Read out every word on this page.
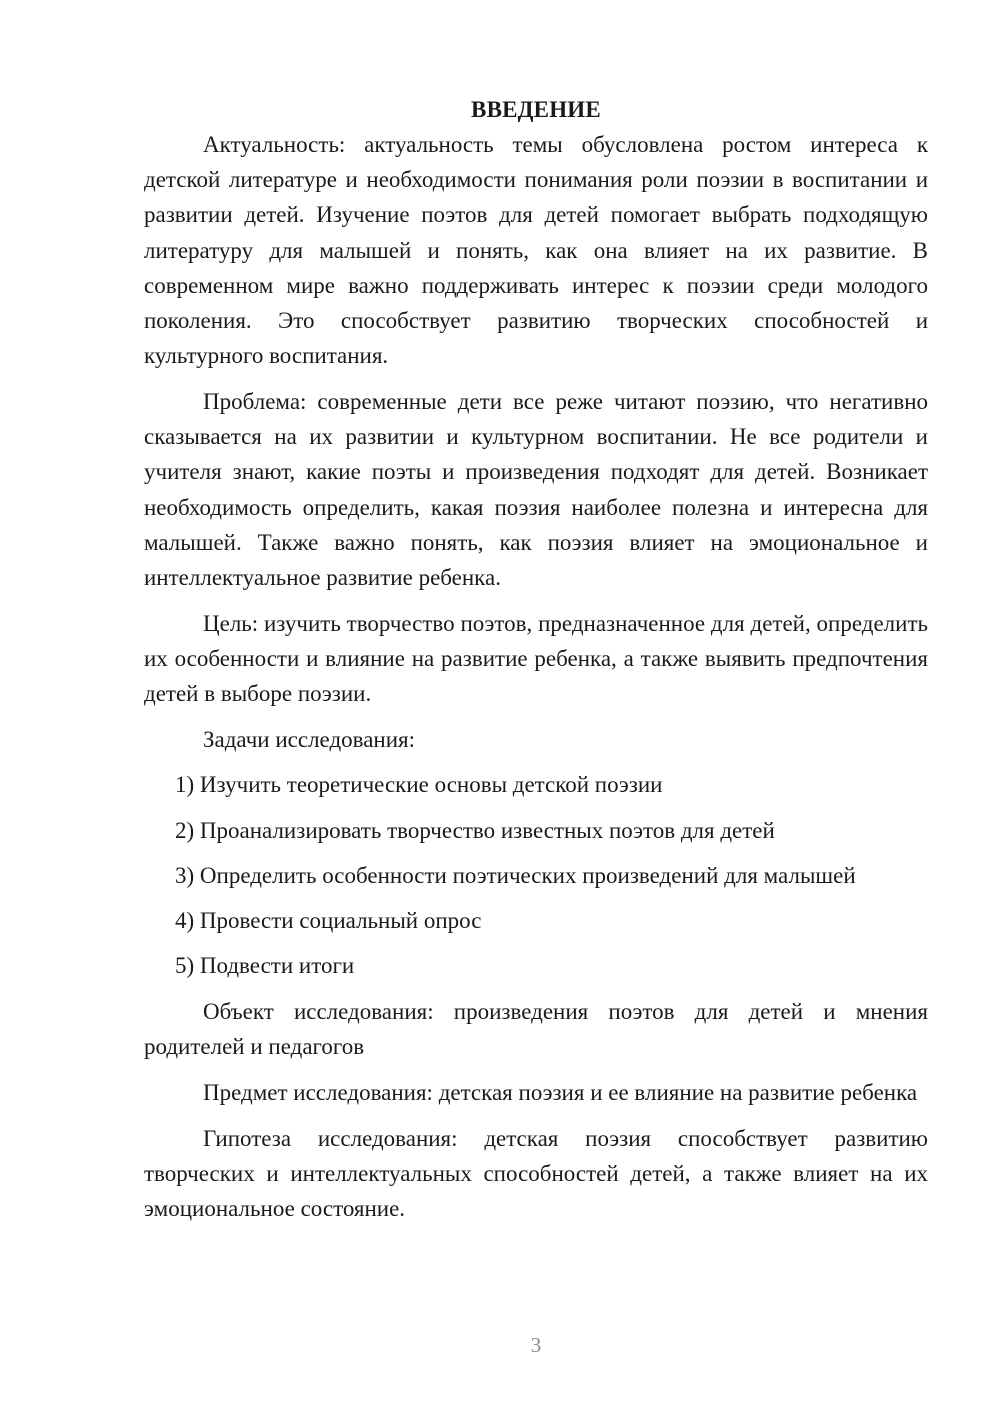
ВВЕДЕНИЕ

Актуальность: актуальность темы обусловлена ростом интереса к детской литературе и необходимости понимания роли поэзии в воспитании и развитии детей. Изучение поэтов для детей помогает выбрать подходящую литературу для малышей и понять, как она влияет на их развитие. В современном мире важно поддерживать интерес к поэзии среди молодого поколения. Это способствует развитию творческих способностей и культурного воспитания.

Проблема: современные дети все реже читают поэзию, что негативно сказывается на их развитии и культурном воспитании. Не все родители и учителя знают, какие поэты и произведения подходят для детей. Возникает необходимость определить, какая поэзия наиболее полезна и интересна для малышей. Также важно понять, как поэзия влияет на эмоциональное и интеллектуальное развитие ребенка.

Цель: изучить творчество поэтов, предназначенное для детей, определить их особенности и влияние на развитие ребенка, а также выявить предпочтения детей в выборе поэзии.

Задачи исследования:

1) Изучить теоретические основы детской поэзии
2) Проанализировать творчество известных поэтов для детей
3) Определить особенности поэтических произведений для малышей
4) Провести социальный опрос
5) Подвести итоги

Объект исследования: произведения поэтов для детей и мнения родителей и педагогов

Предмет исследования: детская поэзия и ее влияние на развитие ребенка

Гипотеза исследования: детская поэзия способствует развитию творческих и интеллектуальных способностей детей, а также влияет на их эмоциональное состояние.

3
